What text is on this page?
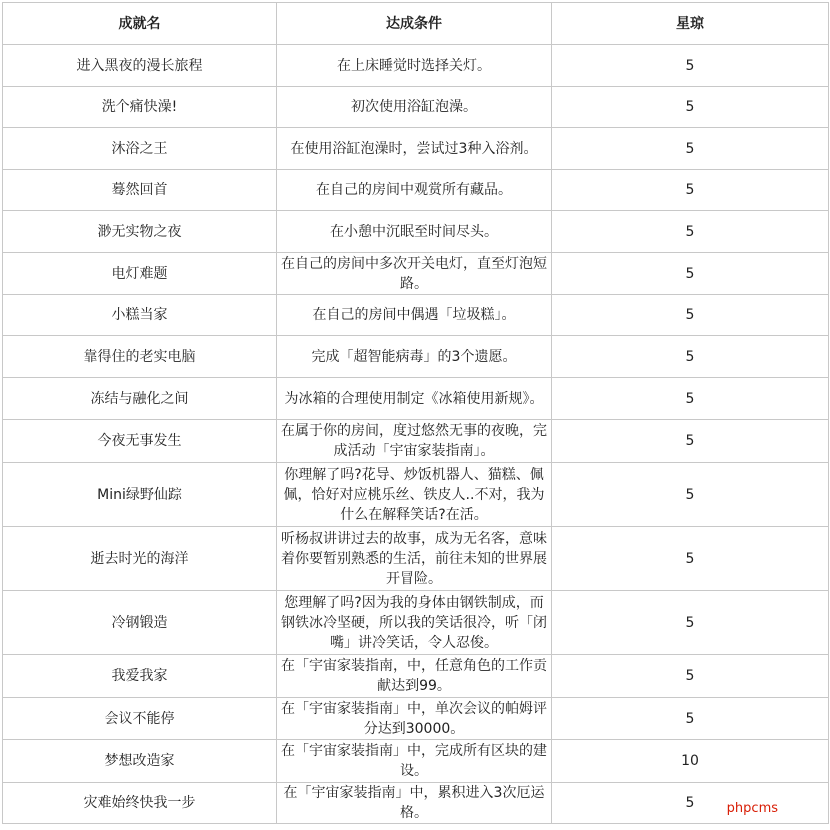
成就名	达成条件	星琼
进入黑夜的漫长旅程	在上床睡觉时选择关灯。	5
洗个痛快澡!	初次使用浴缸泡澡。	5
沐浴之王	在使用浴缸泡澡时，尝试过3种入浴剂。	5
蓦然回首	在自己的房间中观赏所有藏品。	5
渺无实物之夜	在小憩中沉眠至时间尽头。	5
电灯难题	在自己的房间中多次开关电灯，直至灯泡短路。	5
小糕当家	在自己的房间中偶遇「垃圾糕」。	5
靠得住的老实电脑	完成「超智能病毒」的3个遗愿。	5
冻结与融化之间	为冰箱的合理使用制定《冰箱使用新规》。	5
今夜无事发生	在属于你的房间，度过悠然无事的夜晚，完成活动「宇宙家装指南」。	5
Mini绿野仙踪	你理解了吗?花导、炒饭机器人、猫糕、佩佩，恰好对应桃乐丝、铁皮人..不对，我为什么在解释笑话?在活。	5
逝去时光的海洋	听杨叔讲讲过去的故事，成为无名客，意味着你要暂别熟悉的生活，前往未知的世界展开冒险。	5
冷钢锻造	您理解了吗?因为我的身体由钢铁制成，而钢铁冰冷坚硬，所以我的笑话很冷，听「闭嘴」讲冷笑话，令人忍俊。	5
我爱我家	在「宇宙家装指南，中，任意角色的工作贡献达到99。	5
会议不能停	在「宇宙家装指南」中，单次会议的帕姆评分达到30000。	5
梦想改造家	在「宇宙家装指南」中，完成所有区块的建设。	10
灾难始终快我一步	在「宇宙家装指南」中，累积进入3次厄运格。	5 phpcms
